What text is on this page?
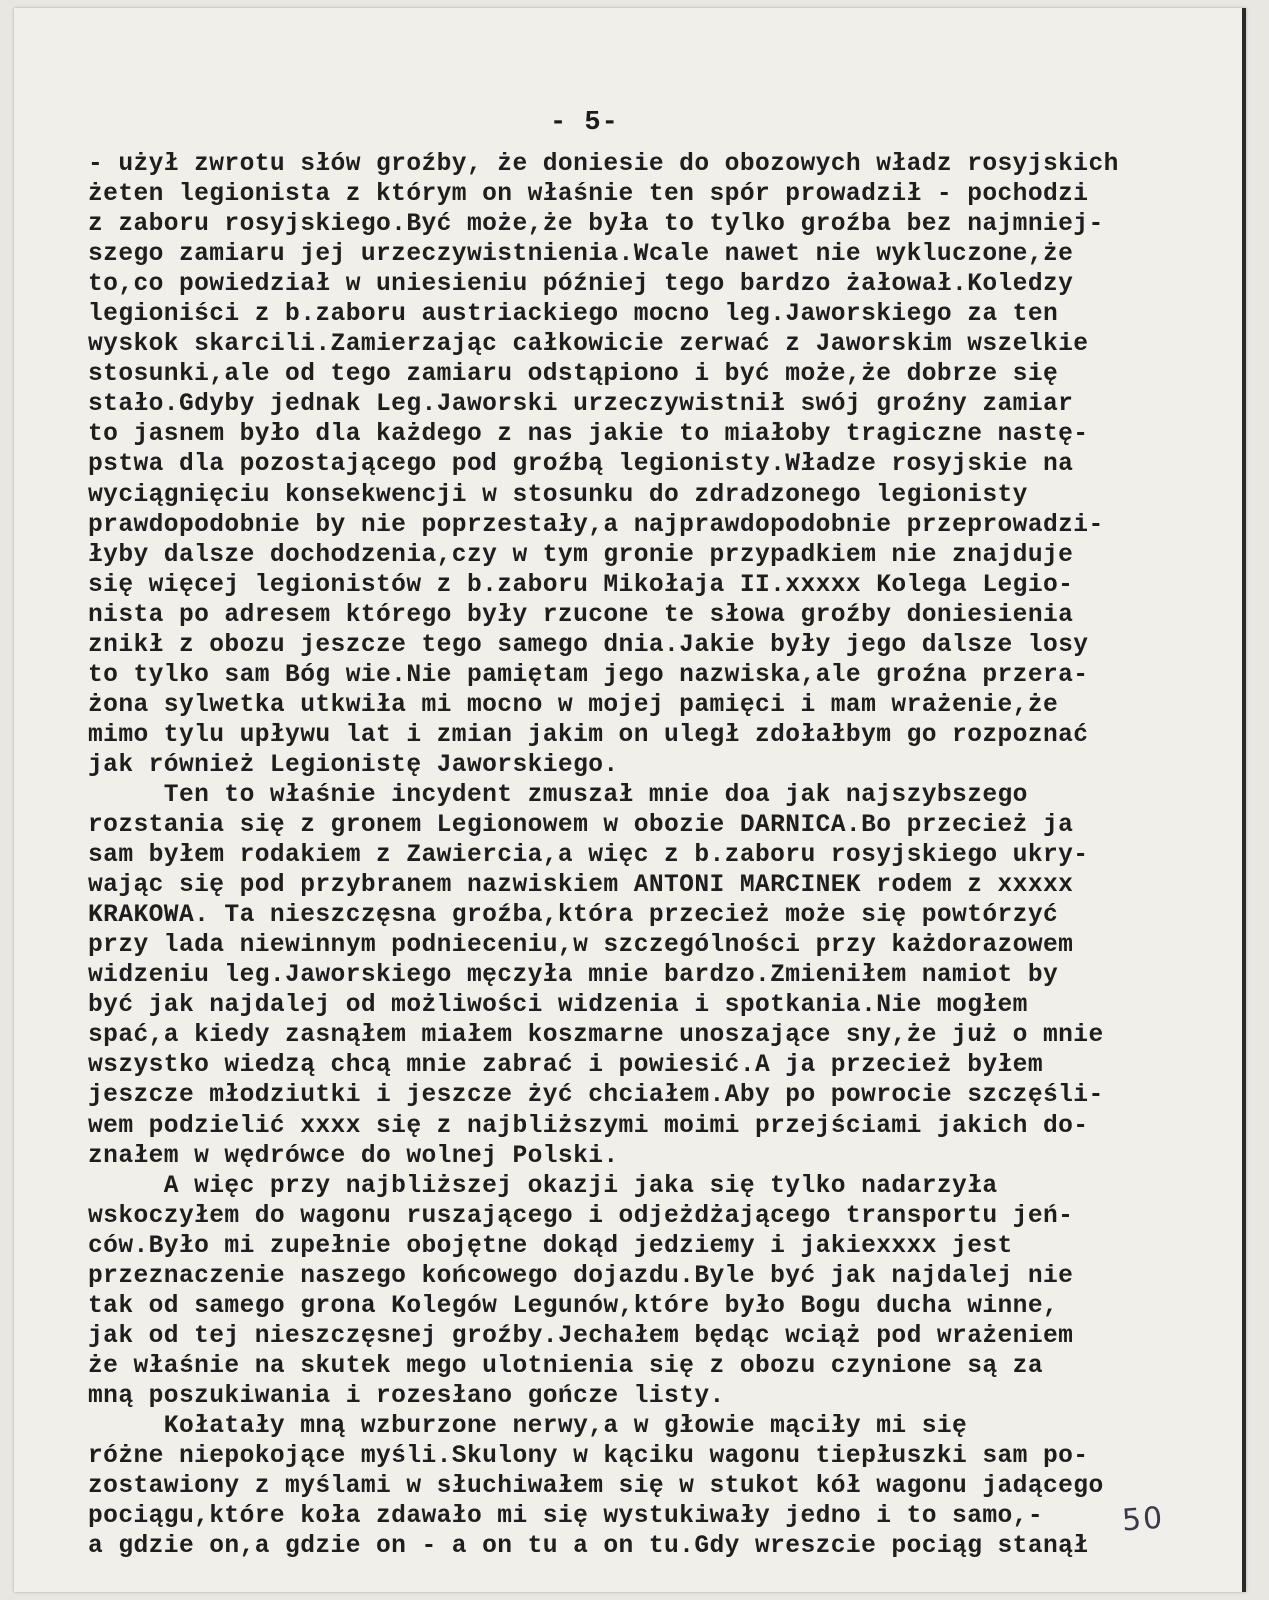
- 5-
- użył zwrotu słów groźby, że doniesie do obozowych władz rosyjskich
żeten legionista z którym on właśnie ten spór prowadził - pochodzi
z zaboru rosyjskiego.Być może,że była to tylko groźba bez najmniej-
szego zamiaru jej urzeczywistnienia.Wcale nawet nie wykluczone,że
to,co powiedział w uniesieniu później tego bardzo żałował.Koledzy
legioniści z b.zaboru austriackiego mocno leg.Jaworskiego za ten
wyskok skarcili.Zamierzając całkowicie zerwać z Jaworskim wszelkie
stosunki,ale od tego zamiaru odstąpiono i być może,że dobrze się
stało.Gdyby jednak Leg.Jaworski urzeczywistnił swój groźny zamiar
to jasnem było dla każdego z nas jakie to miałoby tragiczne nastę-
pstwa dla pozostającego pod groźbą legionisty.Władze rosyjskie na
wyciągnięciu konsekwencji w stosunku do zdradzonego legionisty
prawdopodobnie by nie poprzestały,a najprawdopodobnie przeprowadzi-
łyby dalsze dochodzenia,czy w tym gronie przypadkiem nie znajduje
się więcej legionistów z b.zaboru Mikołaja II.xxxxx Kolega Legio-
nista po adresem którego były rzucone te słowa groźby doniesienia
znikł z obozu jeszcze tego samego dnia.Jakie były jego dalsze losy
to tylko sam Bóg wie.Nie pamiętam jego nazwiska,ale groźna przera-
żona sylwetka utkwiła mi mocno w mojej pamięci i mam wrażenie,że
mimo tylu upływu lat i zmian jakim on uległ zdołałbym go rozpoznać
jak również Legionistę Jaworskiego.
Ten to właśnie incydent zmuszał mnie doa jak najszybszego
rozstania się z gronem Legionowem w obozie DARNICA.Bo przecież ja
sam byłem rodakiem z Zawiercia,a więc z b.zaboru rosyjskiego ukry-
wając się pod przybranem nazwiskiem ANTONI MARCINEK rodem z xxxxx
KRAKOWA. Ta nieszczęsna groźba,która przecież może się powtórzyć
przy lada niewinnym podnieceniu,w szczególności przy każdorazowem
widzeniu leg.Jaworskiego męczyła mnie bardzo.Zmieniłem namiot by
być jak najdalej od możliwości widzenia i spotkania.Nie mogłem
spać,a kiedy zasnąłem miałem koszmarne unoszające sny,że już o mnie
wszystko wiedzą chcą mnie zabrać i powiesić.A ja przecież byłem
jeszcze młodziutki i jeszcze żyć chciałem.Aby po powrocie szczęśli-
wem podzielić xxxx się z najbliższymi moimi przejściami jakich do-
znałem w wędrówce do wolnej Polski.
A więc przy najbliższej okazji jaka się tylko nadarzyła
wskoczyłem do wagonu ruszającego i odjeżdżającego transportu jeń-
ców.Było mi zupełnie obojętne dokąd jedziemy i jakiexxxx jest
przeznaczenie naszego końcowego dojazdu.Byle być jak najdalej nie
tak od samego grona Kolegów Legunów,które było Bogu ducha winne,
jak od tej nieszczęsnej groźby.Jechałem będąc wciąż pod wrażeniem
że właśnie na skutek mego ulotnienia się z obozu czynione są za
mną poszukiwania i rozesłano gończe listy.
Kołatały mną wzburzone nerwy,a w głowie mąciły mi się
różne niepokojące myśli.Skulony w kąciku wagonu tiepłuszki sam po-
zostawiony z myślami w słuchiwałem się w stukot kół wagonu jadącego
pociągu,które koła zdawało mi się wystukiwały jedno i to samo,-
a gdzie on,a gdzie on - a on tu a on tu.Gdy wreszcie pociąg stanął
50
